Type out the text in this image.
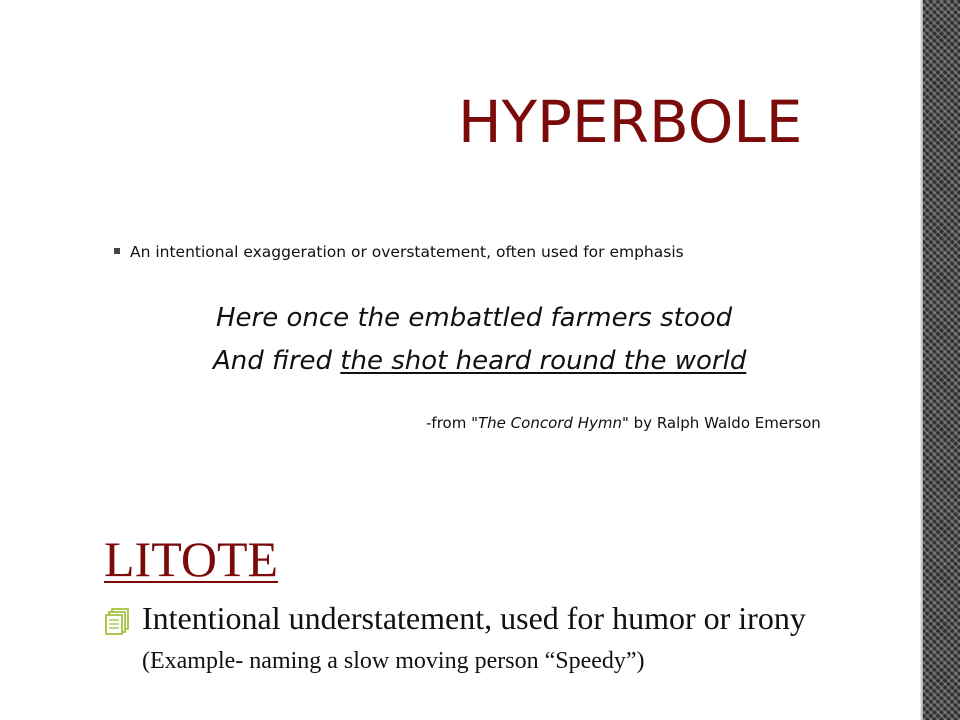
HYPERBOLE
An intentional exaggeration or overstatement, often used for emphasis
Here once the embattled farmers stood
And fired the shot heard round the world
-from "The Concord Hymn" by Ralph Waldo Emerson
LITOTE
Intentional understatement, used for humor or irony
(Example- naming a slow moving person “Speedy”)
